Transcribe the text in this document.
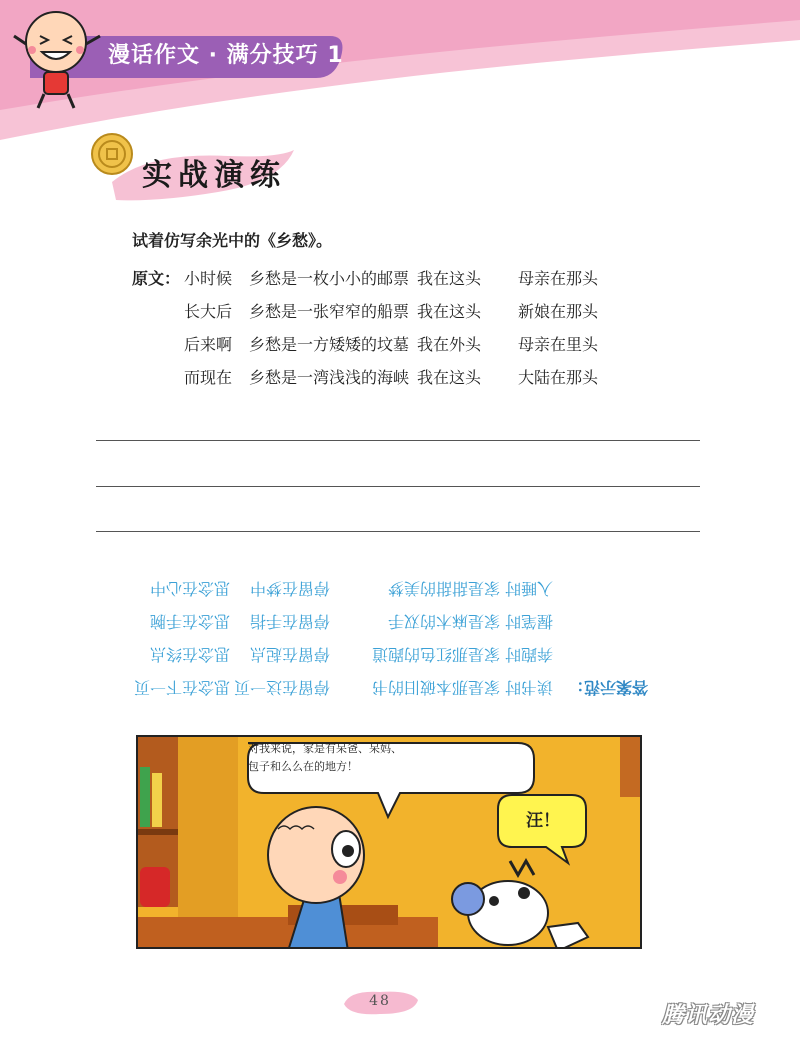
漫话作文 · 满分技巧 1
实战演练
试着仿写余光中的《乡愁》。
原文： 小时候 乡愁是一枚小小的邮票 我在这头 母亲在那头
长大后 乡愁是一张窄窄的船票 我在这头 新娘在那头
后来啊 乡愁是一方矮矮的坟墓 我在外头 母亲在里头
而现在 乡愁是一湾浅浅的海峡 我在这头 大陆在那头
答案示范：
读书时
家是那本破旧的书
停留在这一页
思念在下一页
奔跑时
家是那红色的跑道
停留在起点
思念在终点
握笔时
家是麻木的双手
停留在手指
思念在手腕
入睡时
家是甜甜的美梦
停留在梦中
思念在心中
对我来说，家是有呆爸、呆妈、包子和么么在的地方！
汪！
48
腾讯动漫
